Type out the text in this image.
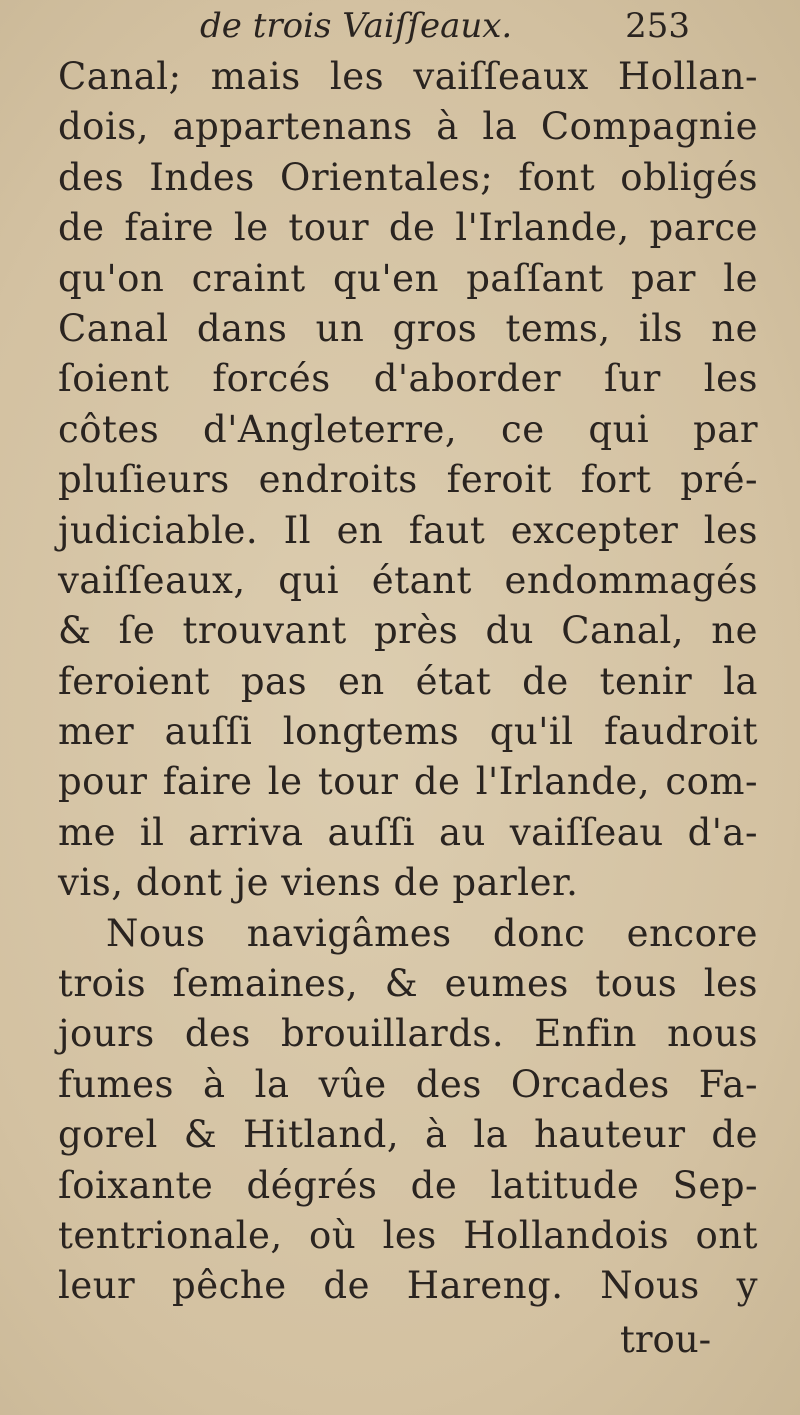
de trois Vaiſſeaux.	253
Canal; mais les vaiſſeaux Hollan-
dois, appartenans à la Compagnie
des Indes Orientales; font obligés
de faire le tour de l'Irlande, parce
qu'on craint qu'en paſſant par le
Canal dans un gros tems, ils ne
ſoient forcés d'aborder ſur les
côtes d'Angleterre, ce qui par
pluſieurs endroits feroit fort pré-
judiciable. Il en faut excepter les
vaiſſeaux, qui étant endommagés
& ſe trouvant près du Canal, ne
feroient pas en état de tenir la
mer auſſi longtems qu'il faudroit
pour faire le tour de l'Irlande, com-
me il arriva auſſi au vaiſſeau d'a-
vis, dont je viens de parler.
Nous navigâmes donc encore
trois ſemaines, & eumes tous les
jours des brouillards. Enfin nous
fumes à la vûe des Orcades Fa-
gorel & Hitland, à la hauteur de
ſoixante dégrés de latitude Sep-
tentrionale, où les Hollandois ont
leur pêche de Hareng. Nous y
trou-
